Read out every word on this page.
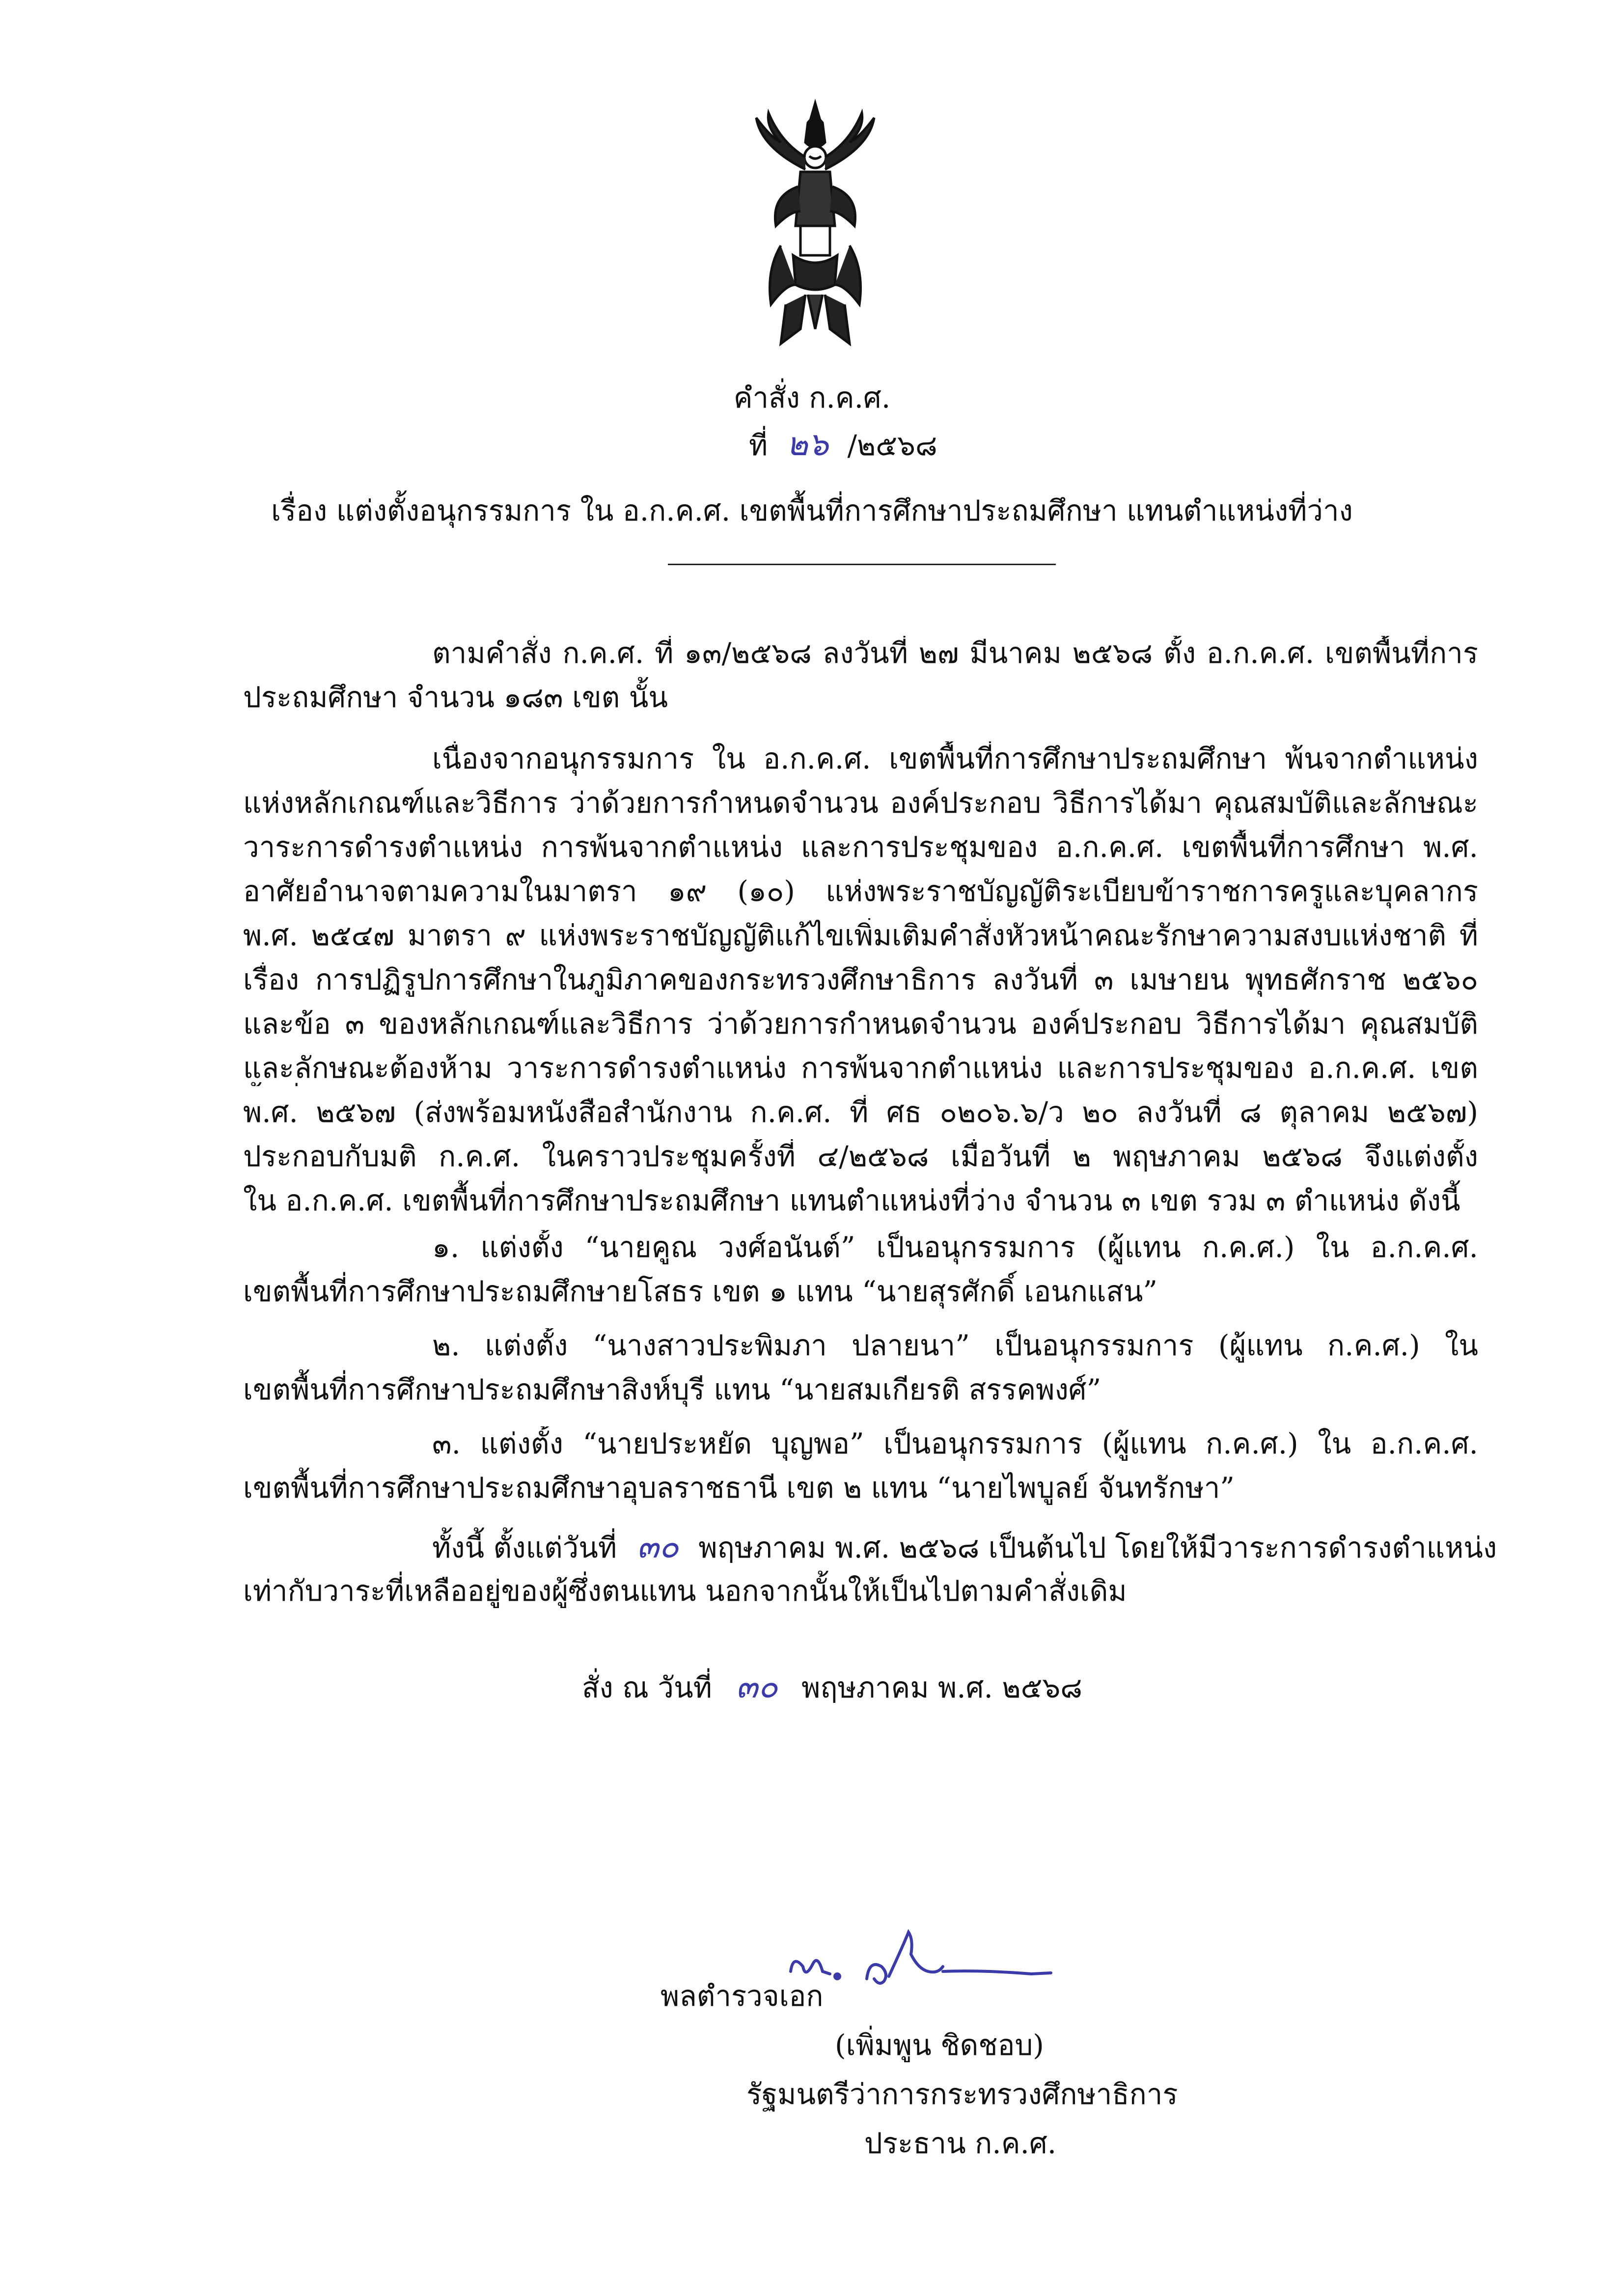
คำสั่ง ก.ค.ศ.
ที่ ๒๖ /๒๕๖๘
เรื่อง แต่งตั้งอนุกรรมการ ใน อ.ก.ค.ศ. เขตพื้นที่การศึกษาประถมศึกษา แทนตำแหน่งที่ว่าง
ตามคำสั่ง ก.ค.ศ. ที่ ๑๓/๒๕๖๘ ลงวันที่ ๒๗ มีนาคม ๒๕๖๘ ตั้ง อ.ก.ค.ศ. เขตพื้นที่การ
ประถมศึกษา จำนวน ๑๘๓ เขต นั้น
เนื่องจากอนุกรรมการ ใน อ.ก.ค.ศ. เขตพื้นที่การศึกษาประถมศึกษา พ้นจากตำแหน่ง
แห่งหลักเกณฑ์และวิธีการ ว่าด้วยการกำหนดจำนวน องค์ประกอบ วิธีการได้มา คุณสมบัติและลักษณะ
วาระการดำรงตำแหน่ง การพ้นจากตำแหน่ง และการประชุมของ อ.ก.ค.ศ. เขตพื้นที่การศึกษา พ.ศ.
อาศัยอำนาจตามความในมาตรา ๑๙ (๑๐) แห่งพระราชบัญญัติระเบียบข้าราชการครูและบุคลากร
พ.ศ. ๒๕๔๗ มาตรา ๙ แห่งพระราชบัญญัติแก้ไขเพิ่มเติมคำสั่งหัวหน้าคณะรักษาความสงบแห่งชาติ ที่
เรื่อง การปฏิรูปการศึกษาในภูมิภาคของกระทรวงศึกษาธิการ ลงวันที่ ๓ เมษายน พุทธศักราช ๒๕๖๐
และข้อ ๓ ของหลักเกณฑ์และวิธีการ ว่าด้วยการกำหนดจำนวน องค์ประกอบ วิธีการได้มา คุณสมบัติ
และลักษณะต้องห้าม วาระการดำรงตำแหน่ง การพ้นจากตำแหน่ง และการประชุมของ อ.ก.ค.ศ. เขต
พ.ศ. ๒๕๖๗ (ส่งพร้อมหนังสือสำนักงาน ก.ค.ศ. ที่ ศธ ๐๒๐๖.๖/ว ๒๐ ลงวันที่ ๘ ตุลาคม ๒๕๖๗)
ประกอบกับมติ ก.ค.ศ. ในคราวประชุมครั้งที่ ๔/๒๕๖๘ เมื่อวันที่ ๒ พฤษภาคม ๒๕๖๘ จึงแต่งตั้ง
ใน อ.ก.ค.ศ. เขตพื้นที่การศึกษาประถมศึกษา แทนตำแหน่งที่ว่าง จำนวน ๓ เขต รวม ๓ ตำแหน่ง ดังนี้
๑. แต่งตั้ง “นายคูณ วงศ์อนันต์” เป็นอนุกรรมการ (ผู้แทน ก.ค.ศ.) ใน อ.ก.ค.ศ.
เขตพื้นที่การศึกษาประถมศึกษายโสธร เขต ๑ แทน “นายสุรศักดิ์ เอนกแสน”
๒. แต่งตั้ง “นางสาวประพิมภา ปลายนา” เป็นอนุกรรมการ (ผู้แทน ก.ค.ศ.) ใน
เขตพื้นที่การศึกษาประถมศึกษาสิงห์บุรี แทน “นายสมเกียรติ สรรคพงศ์”
๓. แต่งตั้ง “นายประหยัด บุญพอ” เป็นอนุกรรมการ (ผู้แทน ก.ค.ศ.) ใน อ.ก.ค.ศ.
เขตพื้นที่การศึกษาประถมศึกษาอุบลราชธานี เขต ๒ แทน “นายไพบูลย์ จันทรักษา”
ทั้งนี้ ตั้งแต่วันที่ ๓๐ พฤษภาคม พ.ศ. ๒๕๖๘ เป็นต้นไป โดยให้มีวาระการดำรงตำแหน่ง
เท่ากับวาระที่เหลืออยู่ของผู้ซึ่งตนแทน นอกจากนั้นให้เป็นไปตามคำสั่งเดิม
สั่ง ณ วันที่ ๓๐ พฤษภาคม พ.ศ. ๒๕๖๘
พลตำรวจเอก
(เพิ่มพูน ชิดชอบ)
รัฐมนตรีว่าการกระทรวงศึกษาธิการ
ประธาน ก.ค.ศ.
